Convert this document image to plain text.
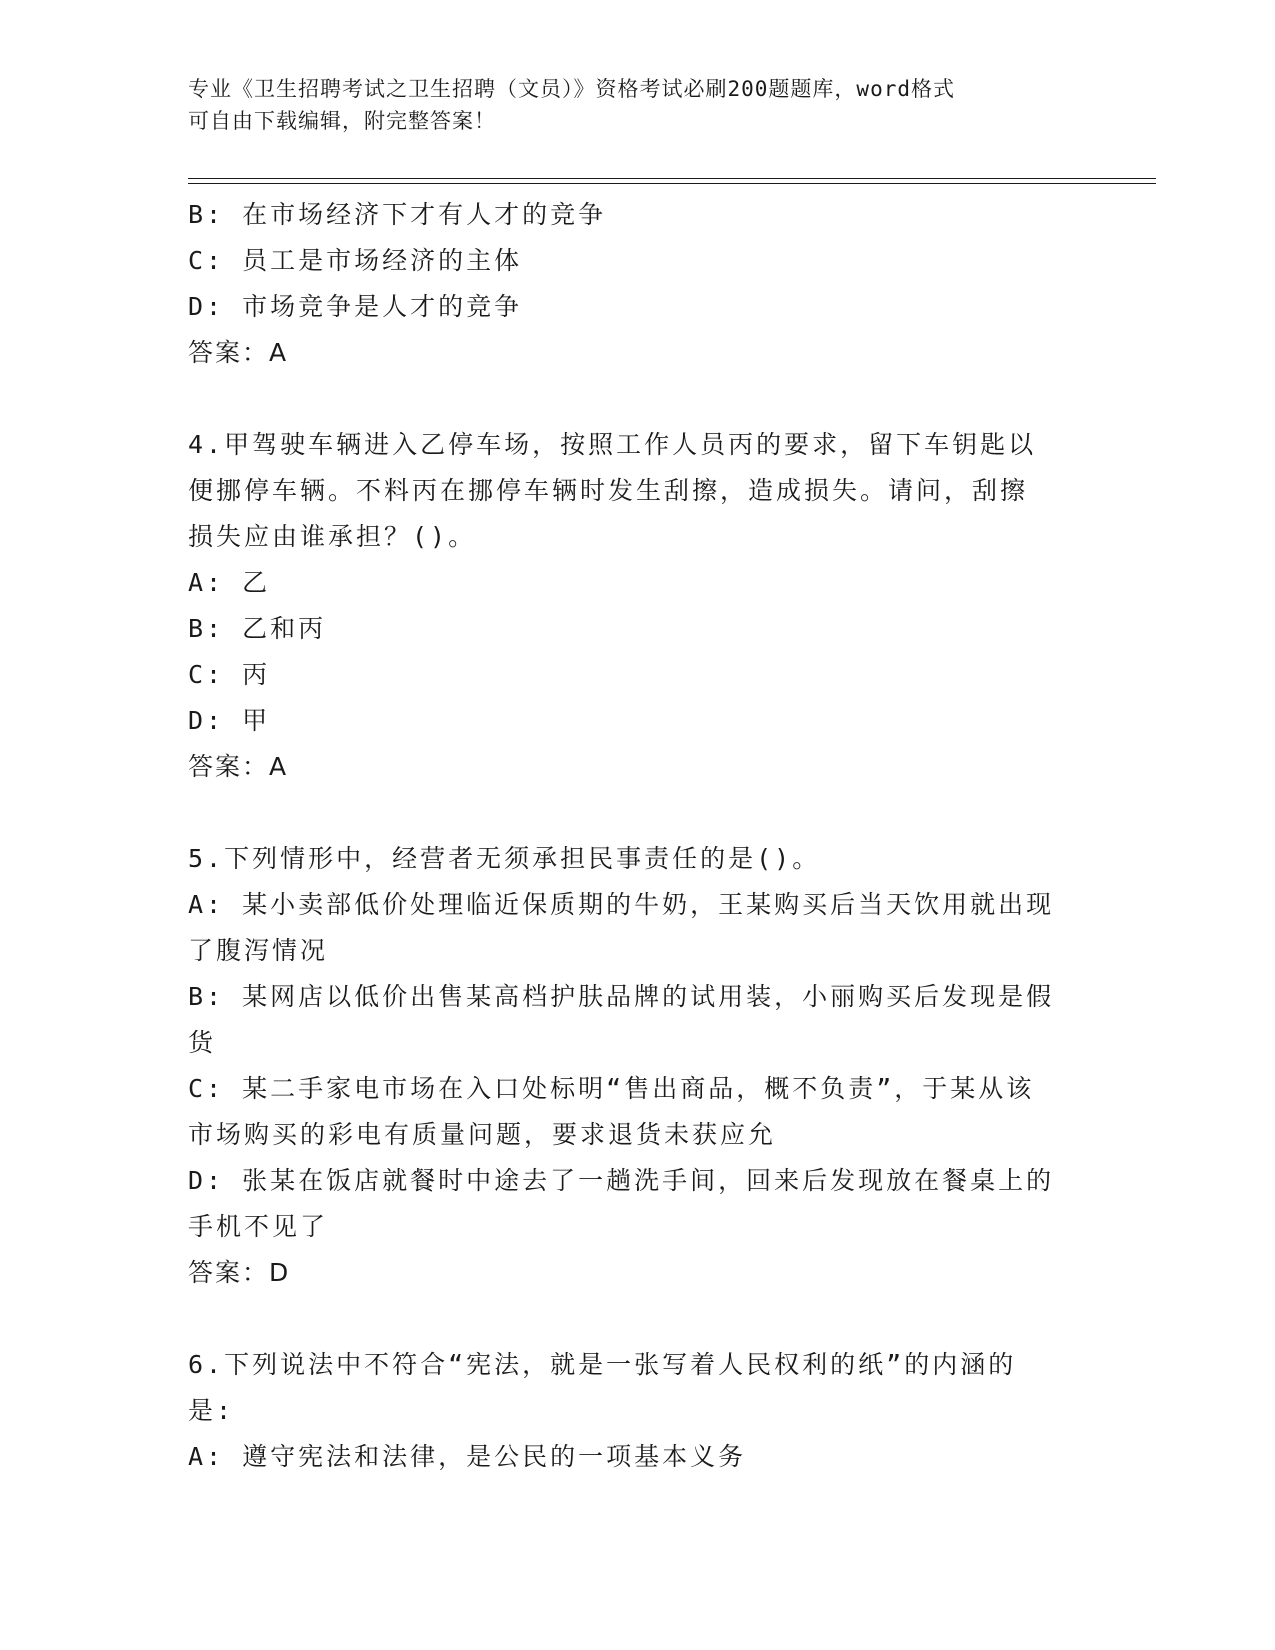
专业《卫生招聘考试之卫生招聘（文员）》资格考试必刷200题题库，word格式
可自由下载编辑，附完整答案！

B: 在市场经济下才有人才的竞争

C: 员工是市场经济的主体

D: 市场竞争是人才的竞争

答案：A

4.甲驾驶车辆进入乙停车场，按照工作人员丙的要求，留下车钥匙以

便挪停车辆。不料丙在挪停车辆时发生刮擦，造成损失。请问，刮擦

损失应由谁承担？()。

A: 乙

B: 乙和丙

C: 丙

D: 甲

答案：A

5.下列情形中，经营者无须承担民事责任的是()。

A: 某小卖部低价处理临近保质期的牛奶，王某购买后当天饮用就出现

了腹泻情况

B: 某网店以低价出售某高档护肤品牌的试用装，小丽购买后发现是假

货

C: 某二手家电市场在入口处标明“售出商品，概不负责”，于某从该

市场购买的彩电有质量问题，要求退货未获应允

D: 张某在饭店就餐时中途去了一趟洗手间，回来后发现放在餐桌上的

手机不见了

答案：D

6.下列说法中不符合“宪法，就是一张写着人民权利的纸”的内涵的

是:

A: 遵守宪法和法律，是公民的一项基本义务
